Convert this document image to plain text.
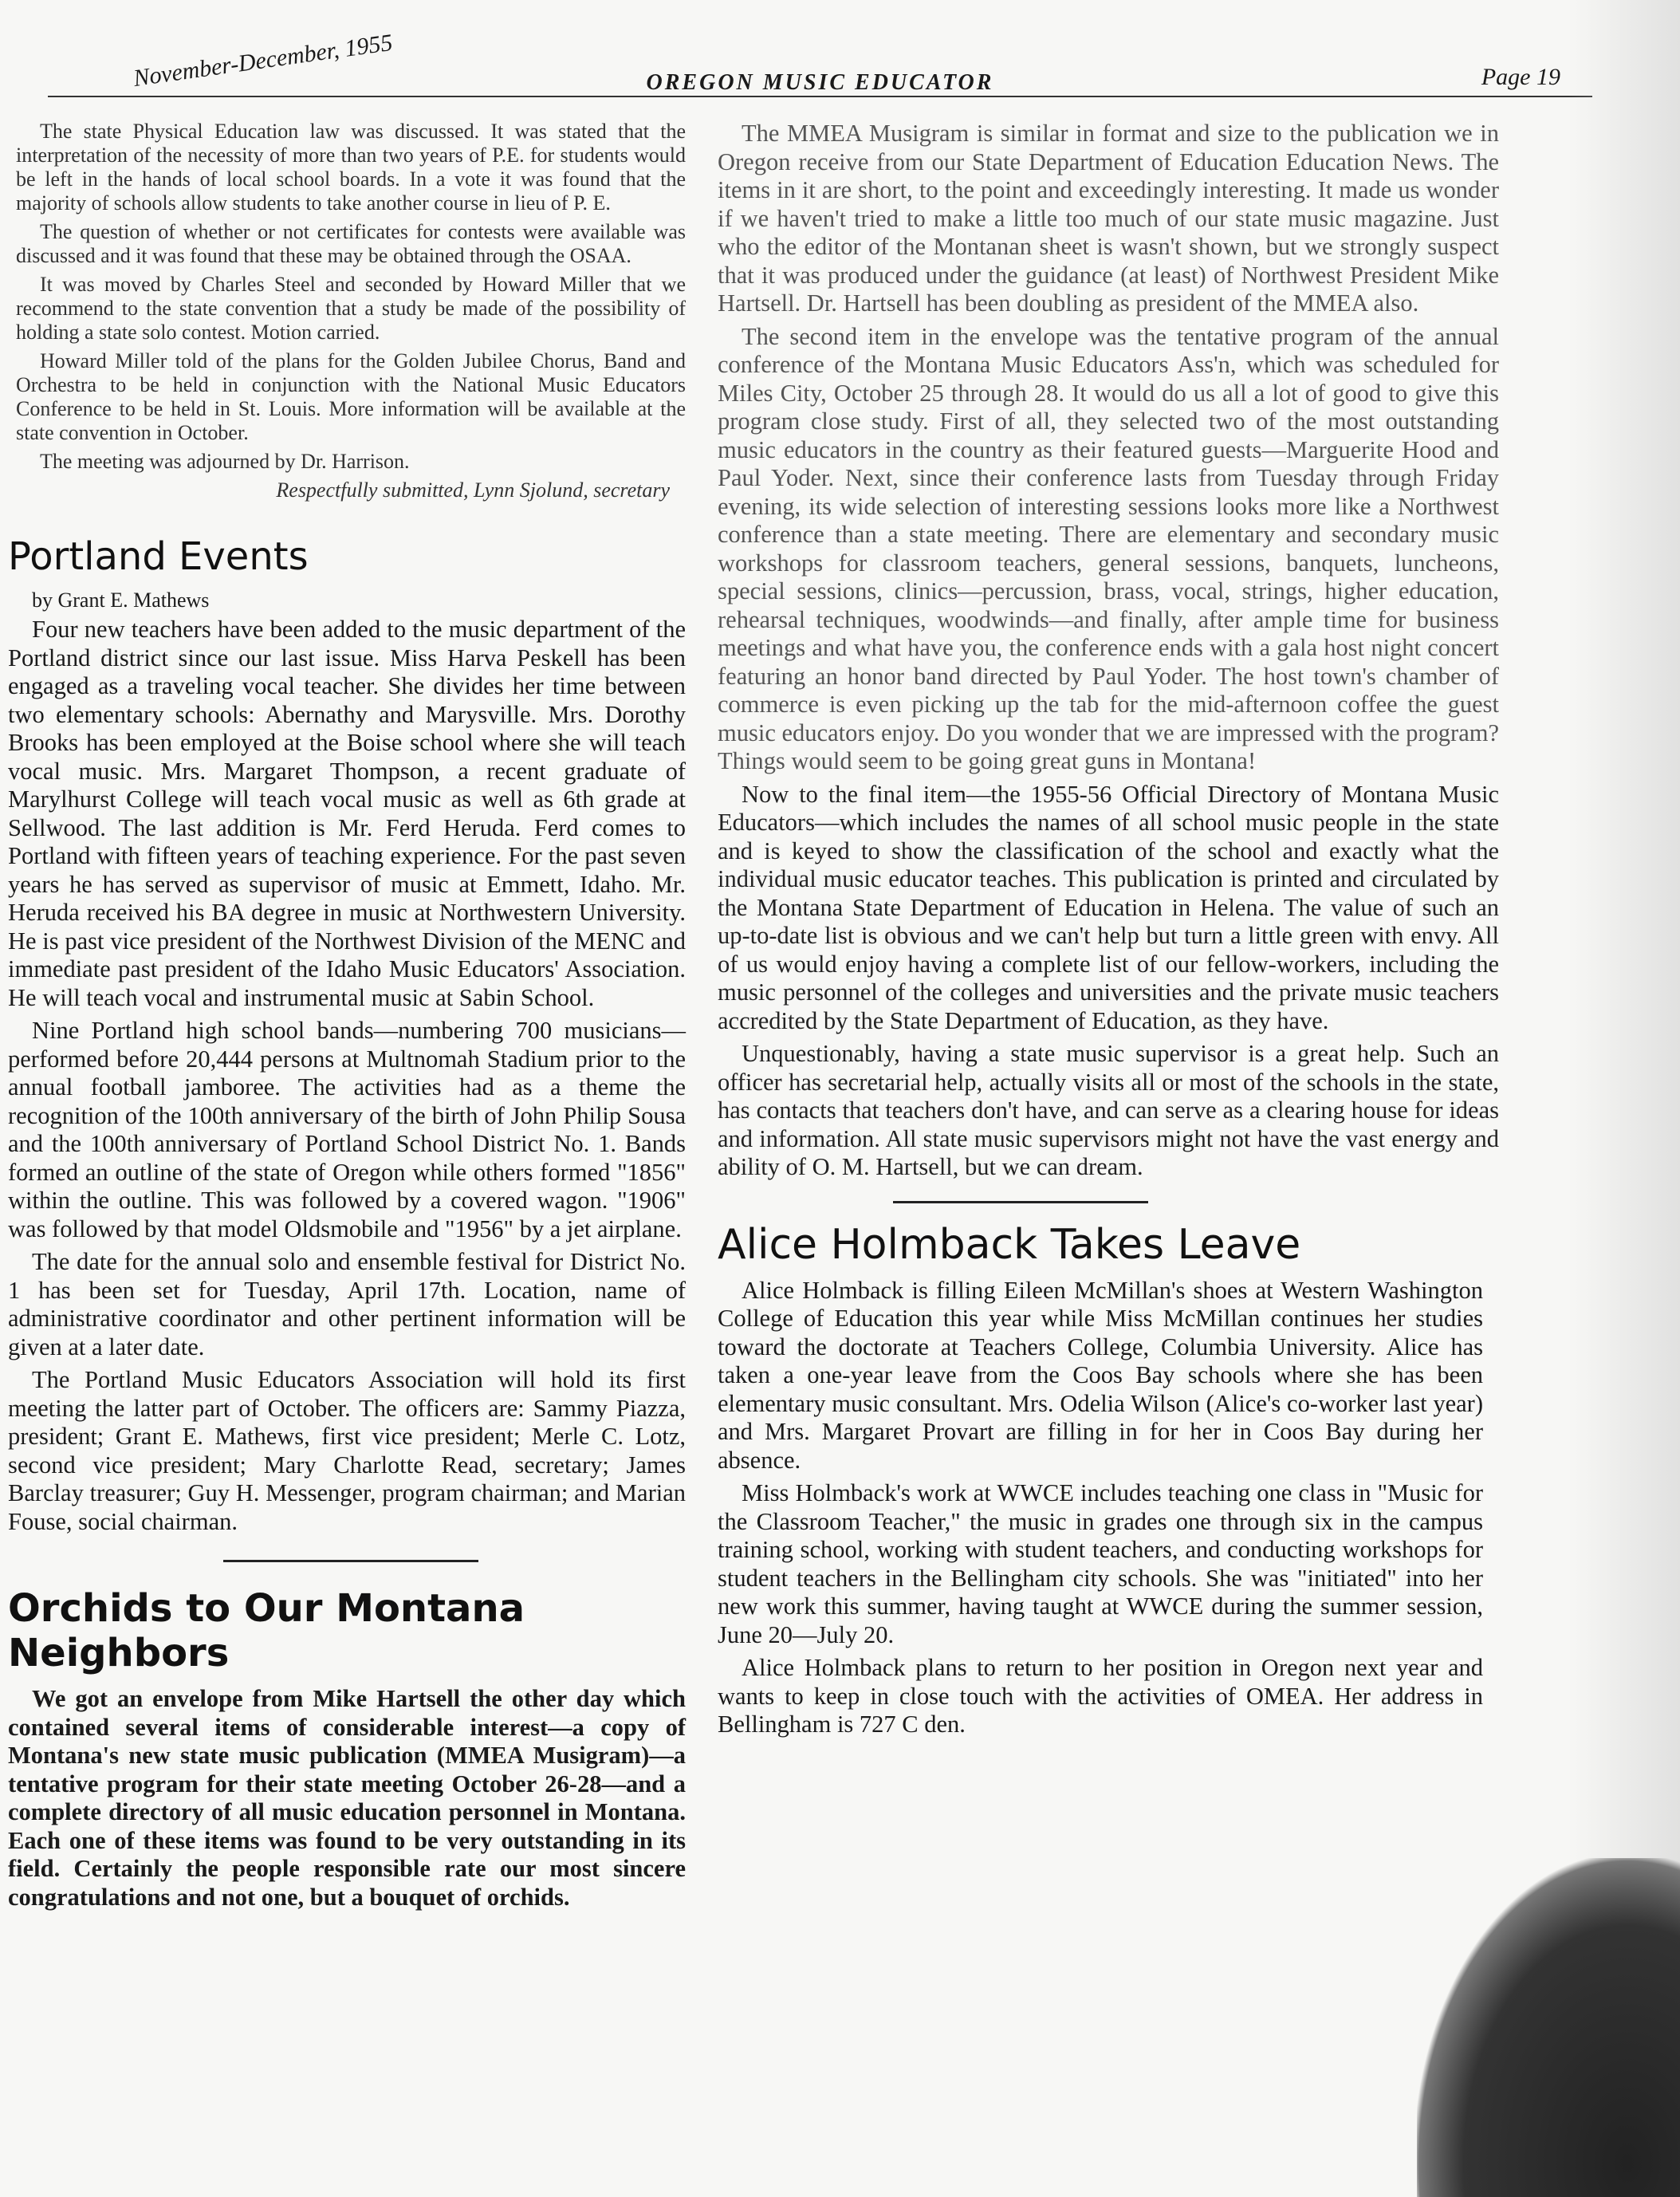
November-December, 1955	OREGON MUSIC EDUCATOR	Page 19

The state Physical Education law was discussed. It was stated that the interpretation of the necessity of more than two years of P.E. for students would be left in the hands of local school boards. In a vote it was found that the majority of schools allow students to take another course in lieu of P. E.

The question of whether or not certificates for contests were available was discussed and it was found that these may be obtained through the OSAA.

It was moved by Charles Steel and seconded by Howard Miller that we recommend to the state convention that a study be made of the possibility of holding a state solo contest. Motion carried.

Howard Miller told of the plans for the Golden Jubilee Chorus, Band and Orchestra to be held in conjunction with the National Music Educators Conference to be held in St. Louis. More information will be available at the state convention in October.

The meeting was adjourned by Dr. Harrison.

Respectfully submitted, Lynn Sjolund, secretary
Portland Events
by Grant E. Mathews

Four new teachers have been added to the music department of the Portland district since our last issue. Miss Harva Peskell has been engaged as a traveling vocal teacher. She divides her time between two elementary schools: Abernathy and Marysville. Mrs. Dorothy Brooks has been employed at the Boise school where she will teach vocal music. Mrs. Margaret Thompson, a recent graduate of Marylhurst College will teach vocal music as well as 6th grade at Sellwood. The last addition is Mr. Ferd Heruda. Ferd comes to Portland with fifteen years of teaching experience. For the past seven years he has served as supervisor of music at Emmett, Idaho. Mr. Heruda received his BA degree in music at Northwestern University. He is past vice president of the Northwest Division of the MENC and immediate past president of the Idaho Music Educators' Association. He will teach vocal and instrumental music at Sabin School.

Nine Portland high school bands—numbering 700 musicians—performed before 20,444 persons at Multnomah Stadium prior to the annual football jamboree. The activities had as a theme the recognition of the 100th anniversary of the birth of John Philip Sousa and the 100th anniversary of Portland School District No. 1. Bands formed an outline of the state of Oregon while others formed "1856" within the outline. This was followed by a covered wagon. "1906" was followed by that model Oldsmobile and "1956" by a jet airplane.

The date for the annual solo and ensemble festival for District No. 1 has been set for Tuesday, April 17th. Location, name of administrative coordinator and other pertinent information will be given at a later date.

The Portland Music Educators Association will hold its first meeting the latter part of October. The officers are: Sammy Piazza, president; Grant E. Mathews, first vice president; Merle C. Lotz, second vice president; Mary Charlotte Read, secretary; James Barclay treasurer; Guy H. Messenger, program chairman; and Marian Fouse, social chairman.

Orchids to Our Montana Neighbors

We got an envelope from Mike Hartsell the other day which contained several items of considerable interest—a copy of Montana's new state music publication (MMEA Musigram)—a tentative program for their state meeting October 26-28—and a complete directory of all music education personnel in Montana. Each one of these items was found to be very outstanding in its field. Certainly the people responsible rate our most sincere congratulations and not one, but a bouquet of orchids.

The MMEA Musigram is similar in format and size to the publication we in Oregon receive from our State Department of Education Education News. The items in it are short, to the point and exceedingly interesting. It made us wonder if we haven't tried to make a little too much of our state music magazine. Just who the editor of the Montanan sheet is wasn't shown, but we strongly suspect that it was produced under the guidance (at least) of Northwest President Mike Hartsell. Dr. Hartsell has been doubling as president of the MMEA also.

The second item in the envelope was the tentative program of the annual conference of the Montana Music Educators Ass'n, which was scheduled for Miles City, October 25 through 28. It would do us all a lot of good to give this program close study. First of all, they selected two of the most outstanding music educators in the country as their featured guests—Marguerite Hood and Paul Yoder. Next, since their conference lasts from Tuesday through Friday evening, its wide selection of interesting sessions looks more like a Northwest conference than a state meeting. There are elementary and secondary music workshops for classroom teachers, general sessions, banquets, luncheons, special sessions, clinics—percussion, brass, vocal, strings, higher education, rehearsal techniques, woodwinds—and finally, after ample time for business meetings and what have you, the conference ends with a gala host night concert featuring an honor band directed by Paul Yoder. The host town's chamber of commerce is even picking up the tab for the mid-afternoon coffee the guest music educators enjoy. Do you wonder that we are impressed with the program? Things would seem to be going great guns in Montana!

Now to the final item—the 1955-56 Official Directory of Montana Music Educators—which includes the names of all school music people in the state and is keyed to show the classification of the school and exactly what the individual music educator teaches. This publication is printed and circulated by the Montana State Department of Education in Helena. The value of such an up-to-date list is obvious and we can't help but turn a little green with envy. All of us would enjoy having a complete list of our fellow-workers, including the music personnel of the colleges and universities and the private music teachers accredited by the State Department of Education, as they have.

Unquestionably, having a state music supervisor is a great help. Such an officer has secretarial help, actually visits all or most of the schools in the state, has contacts that teachers don't have, and can serve as a clearing house for ideas and information. All state music supervisors might not have the vast energy and ability of O. M. Hartsell, but we can dream.

Alice Holmback Takes Leave

Alice Holmback is filling Eileen McMillan's shoes at Western Washington College of Education this year while Miss McMillan continues her studies toward the doctorate at Teachers College, Columbia University. Alice has taken a one-year leave from the Coos Bay schools where she has been elementary music consultant. Mrs. Odelia Wilson (Alice's co-worker last year) and Mrs. Margaret Provart are filling in for her in Coos Bay during her absence.

Miss Holmback's work at WWCE includes teaching one class in "Music for the Classroom Teacher," the music in grades one through six in the campus training school, working with student teachers, and conducting workshops for student teachers in the Bellingham city schools. She was "initiated" into her new work this summer, having taught at WWCE during the summer session, June 20—July 20.

Alice Holmback plans to return to her position in Oregon next year and wants to keep in close touch with the activities of OMEA. Her address in Bellingham is 727 C den.
